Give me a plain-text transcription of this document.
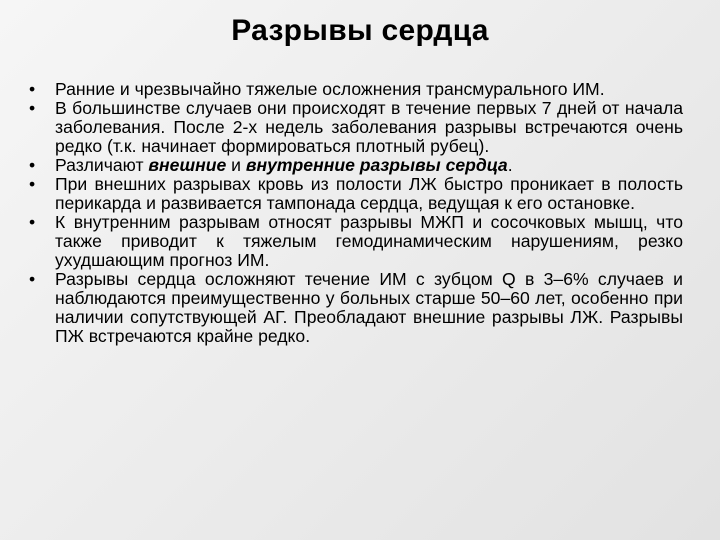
Разрывы сердца
• Ранние и чрезвычайно тяжелые осложнения трансмурального ИМ.
• В большинстве случаев они происходят в течение первых 7 дней от начала заболевания. После 2-х недель заболевания разрывы встречаются очень редко (т.к. начинает формироваться плотный рубец).
• Различают внешние и внутренние разрывы сердца.
• При внешних разрывах кровь из полости ЛЖ быстро проникает в полость перикарда и развивается тампонада сердца, ведущая к его остановке.
• К внутренним разрывам относят разрывы МЖП и сосочковых мышц, что также приводит к тяжелым гемодинамическим нарушениям, резко ухудшающим прогноз ИМ.
• Разрывы сердца осложняют течение ИМ с зубцом Q в 3–6% случаев и наблюдаются преимущественно у больных старше 50–60 лет, особенно при наличии сопутствующей АГ. Преобладают внешние разрывы ЛЖ. Разрывы ПЖ встречаются крайне редко.
